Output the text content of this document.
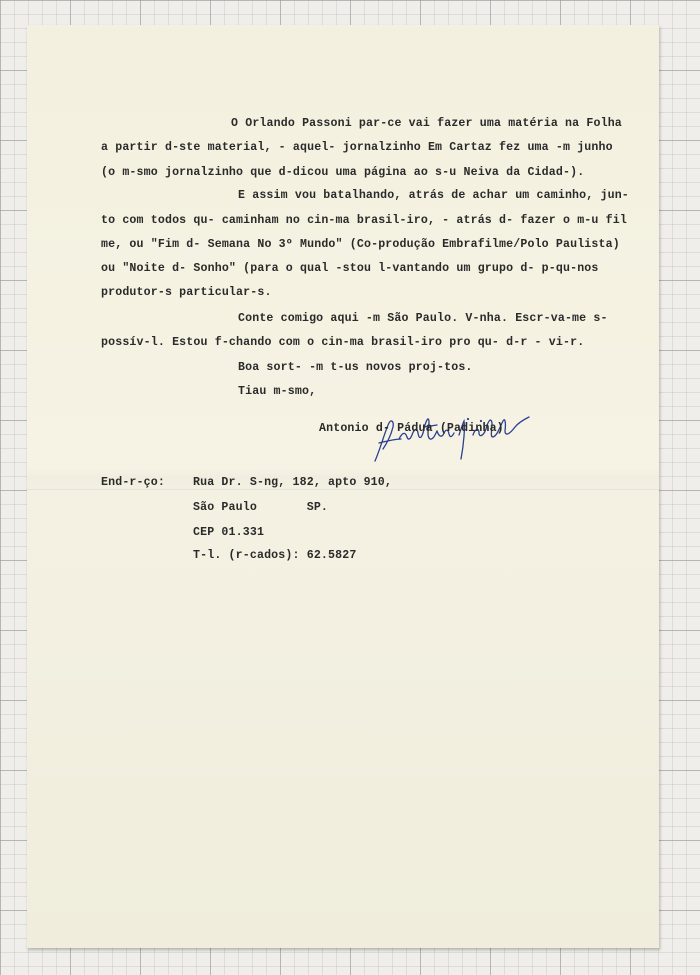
O Orlando Passoni par-ce vai fazer uma matéria na Folha
a partir d-ste material, - aquel- jornalzinho Em Cartaz fez uma -m junho
(o m-smo jornalzinho que d-dicou uma página ao s-u Neiva da Cidad-).
E assim vou batalhando, atrás de achar um caminho, jun-
to com todos qu- caminham no cin-ma brasil-iro, - atrás d- fazer o m-u fil
me, ou "Fim d- Semana No 3º Mundo" (Co-produção Embrafilme/Polo Paulista)
ou "Noite d- Sonho" (para o qual -stou l-vantando um grupo d- p-qu-nos
produtor-s particular-s.
Conte comigo aqui -m São Paulo. V-nha. Escr-va-me s-
possív-l. Estou f-chando com o cin-ma brasil-iro pro qu- d-r - vi-r.
Boa sort- -m t-us novos proj-tos.
Tiau m-smo,
Antonio d- Pádua (Padinha)
End-r-ço: Rua Dr. S-ng, 182, apto 910,
São Paulo       SP.
CEP 01.331
T-l. (r-cados): 62.5827
